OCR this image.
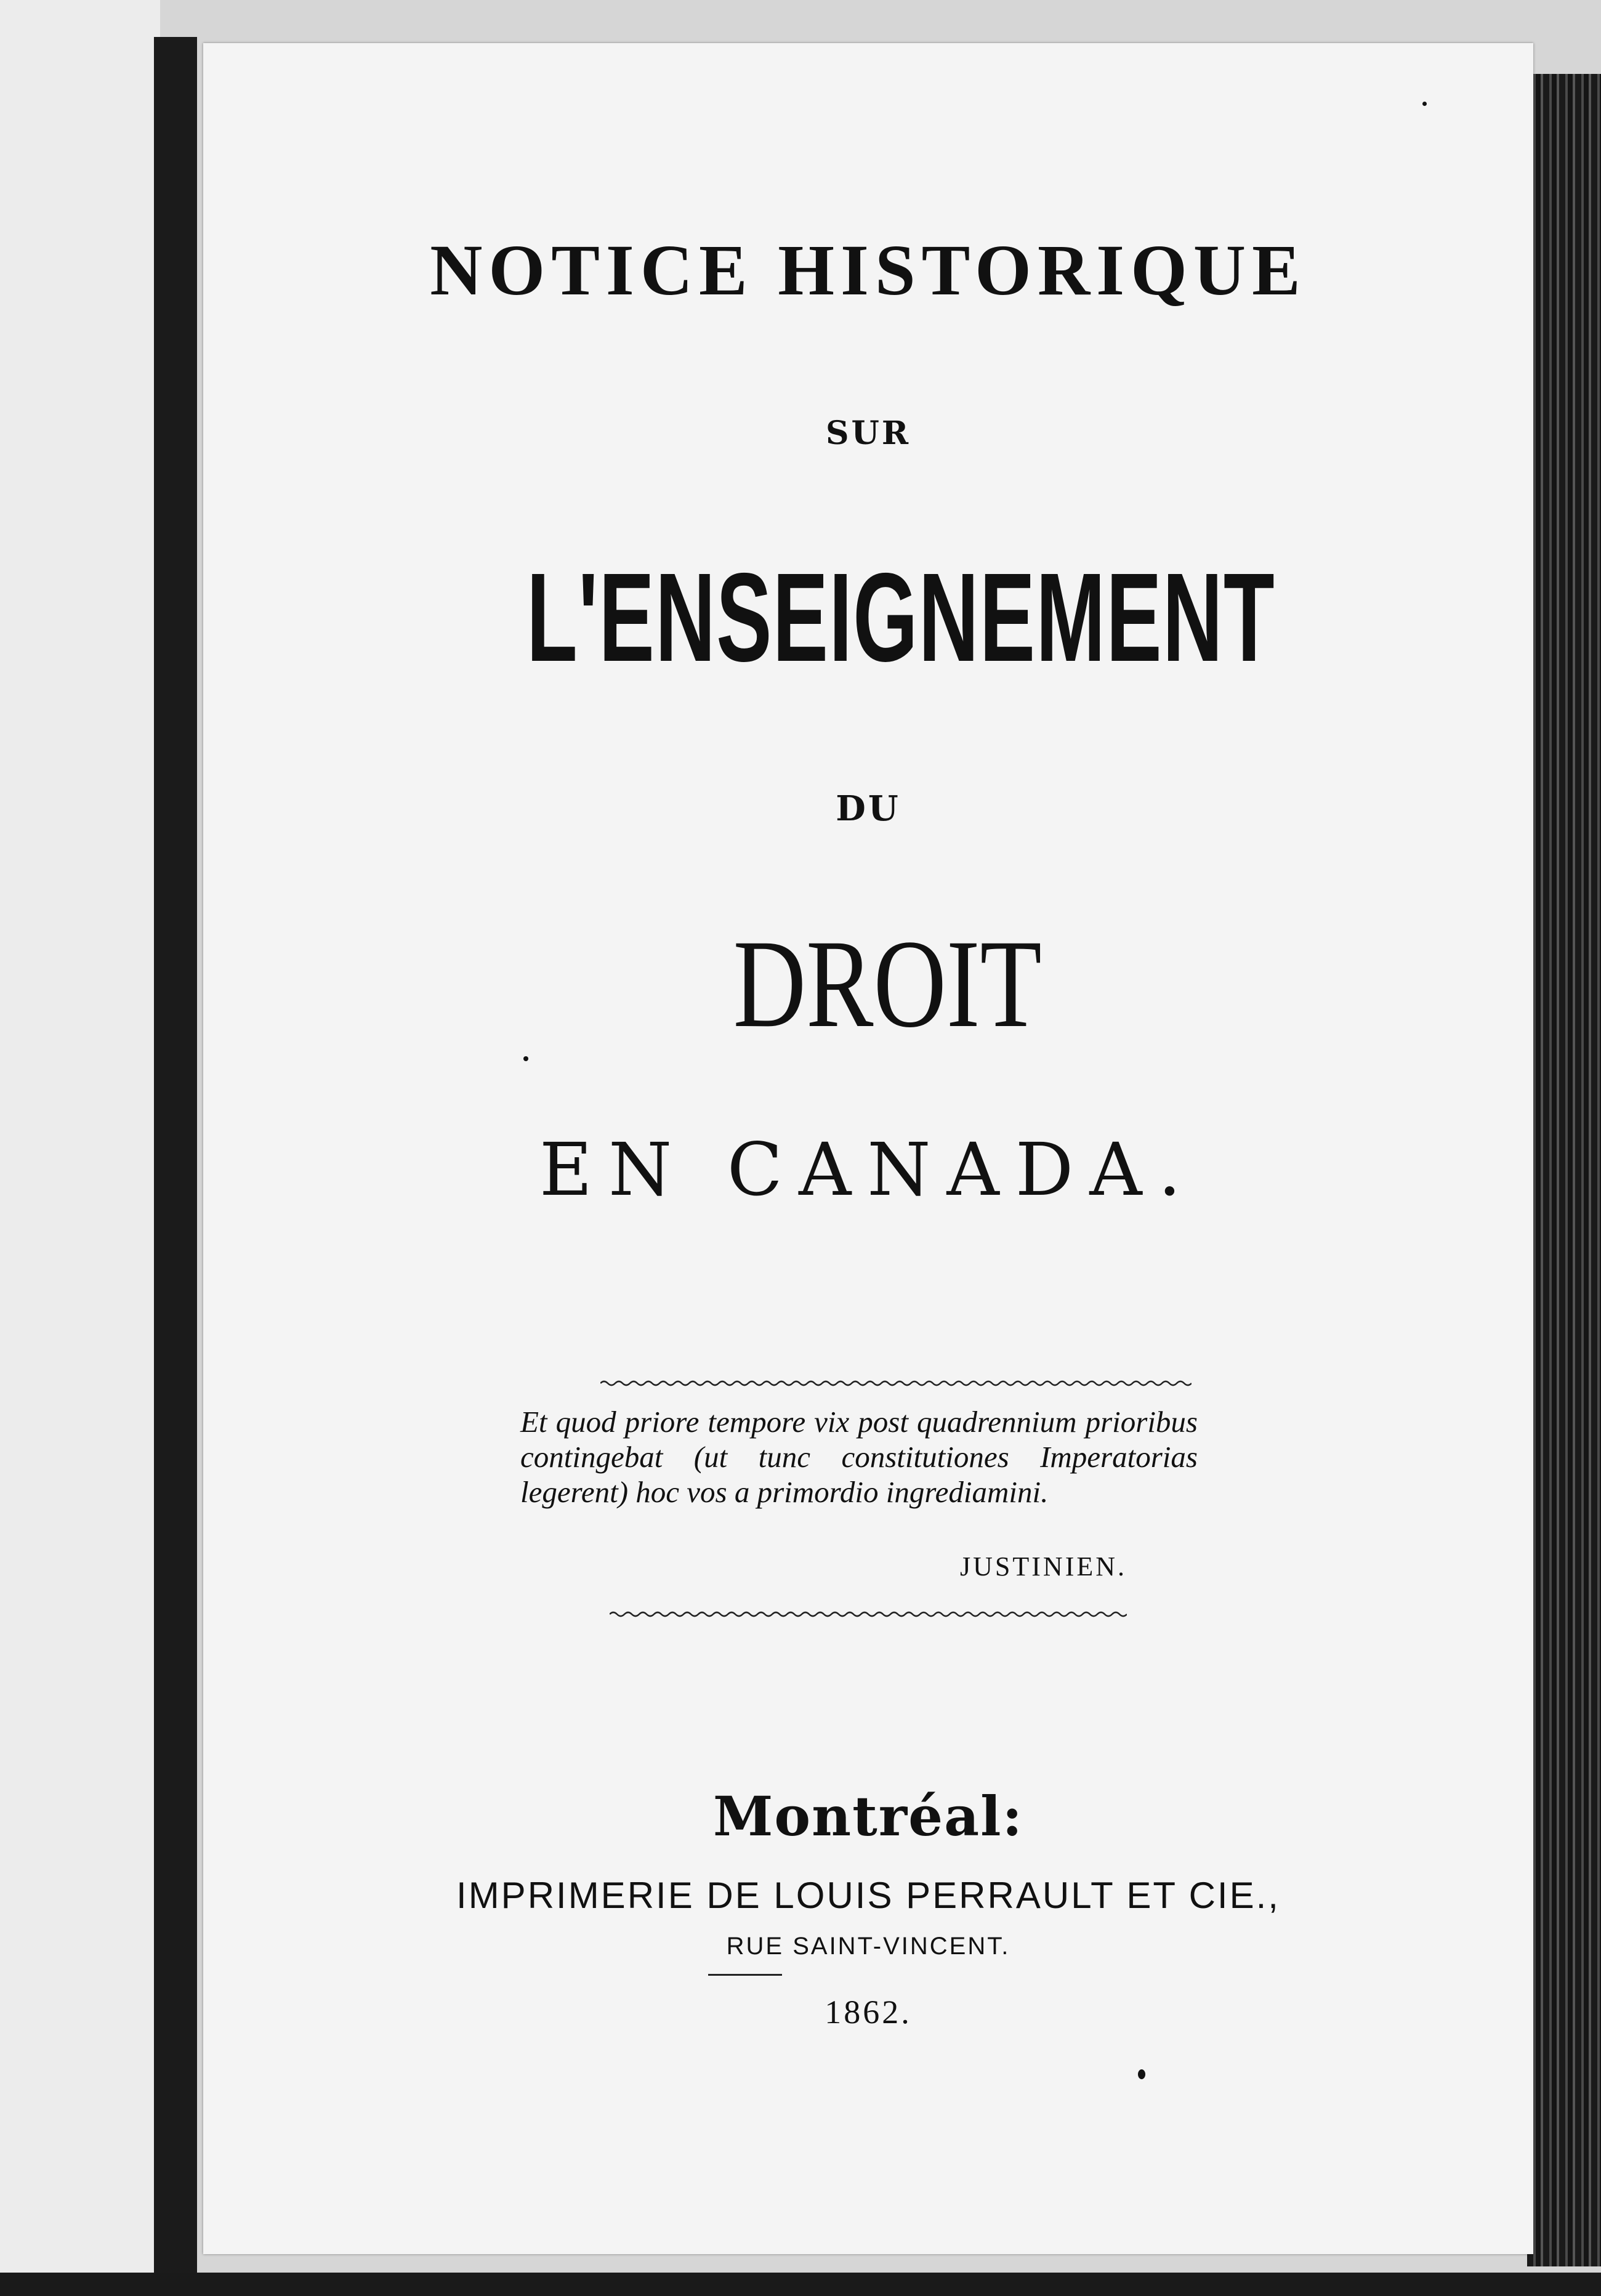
NOTICE HISTORIQUE

SUR

L'ENSEIGNEMENT

DU

DROIT

EN CANADA.

Et quod priore tempore vix post quadrennium prioribus contingebat (ut tunc constitutiones Imperatorias legerent) hoc vos a primordio ingrediamini.
JUSTINIEN.

Montréal:

IMPRIMERIE DE LOUIS PERRAULT ET CIE.,

RUE SAINT-VINCENT.

1862.
